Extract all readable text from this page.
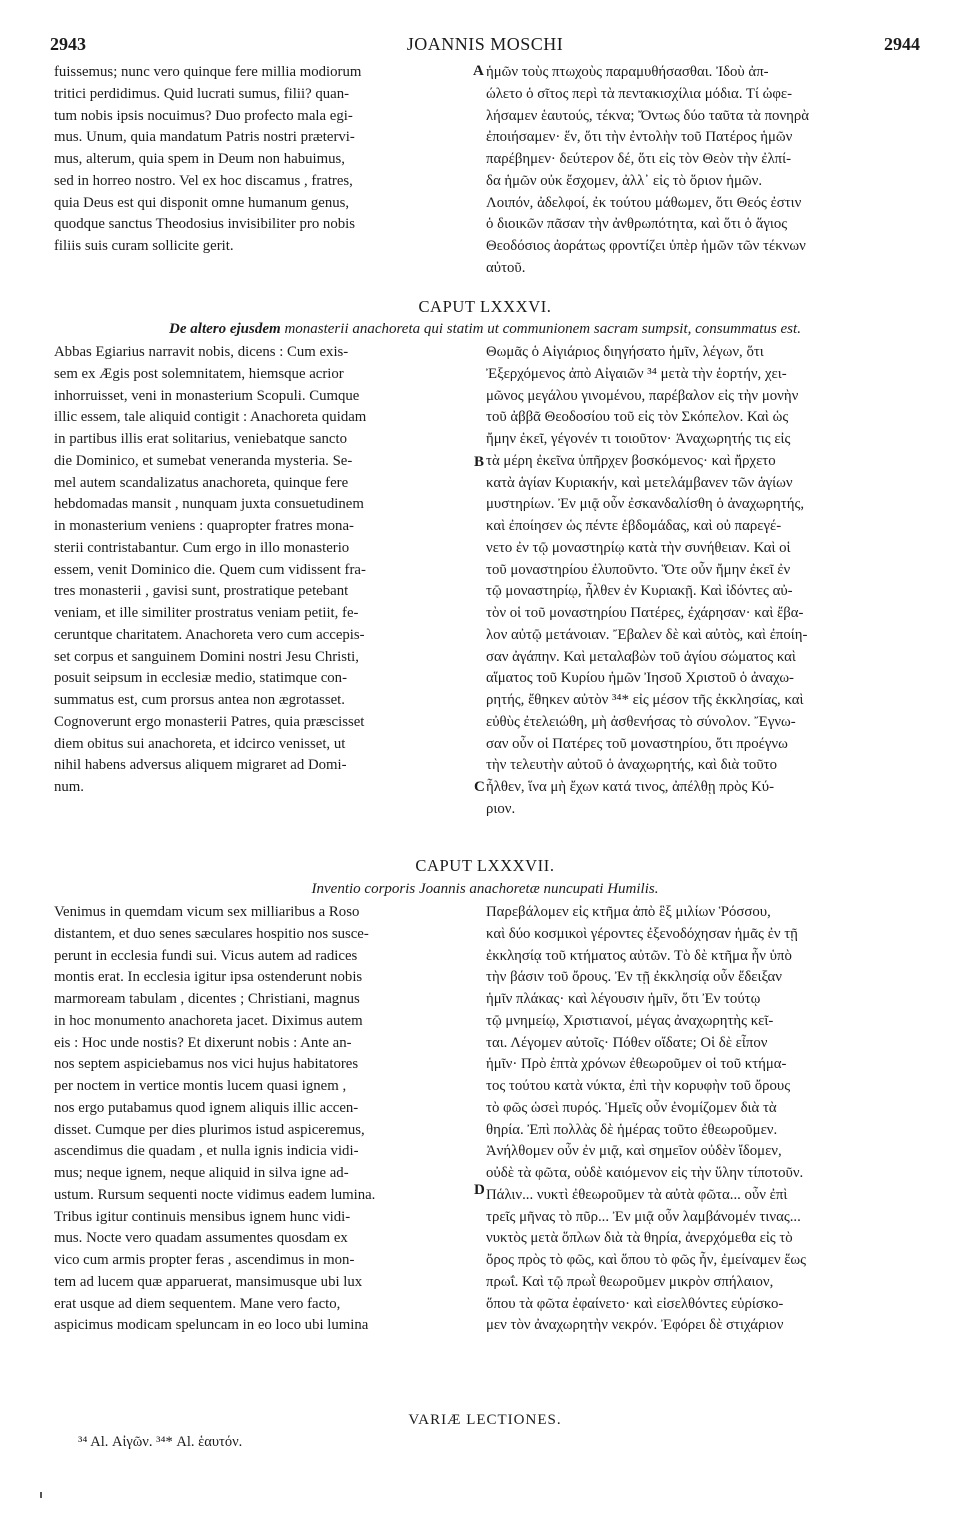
2943	JOANNIS MOSCHI	2944

fuissemus; nunc vero quinque fere millia modiorum

tritici perdidimus. Quid lucrati sumus, filii? quan-

tum nobis ipsis nocuimus? Duo profecto mala egi-

mus. Unum, quia mandatum Patris nostri prætervi-

mus, alterum, quia spem in Deum non habuimus,

sed in horreo nostro. Vel ex hoc discamus , fratres,

quia Deus est qui disponit omne humanum genus,

quodque sanctus Theodosius invisibiliter pro nobis

filiis suis curam sollicite gerit.

ἡμῶν τοὺς πτωχοὺς παραμυθήσασθαι. Ἰδοὺ ἀπ-

ώλετο ὁ σῖτος περὶ τὰ πεντακισχίλια μόδια. Τί ὠφε-

λήσαμεν ἑαυτούς, τέκνα; Ὄντως δύο ταῦτα τὰ πονηρὰ

ἐποιήσαμεν· ἕν, ὅτι τὴν ἐντολὴν τοῦ Πατέρος ἡμῶν

παρέβημεν· δεύτερον δέ, ὅτι εἰς τὸν Θεὸν τὴν ἐλπί-

δα ἡμῶν οὐκ ἔσχομεν, ἀλλ᾽ εἰς τὸ ὅριον ἡμῶν.

Λοιπόν, ἀδελφοί, ἐκ τούτου μάθωμεν, ὅτι Θεός ἐστιν

ὁ διοικῶν πᾶσαν τὴν ἀνθρωπότητα, καὶ ὅτι ὁ ἅγιος

Θεοδόσιος ἀοράτως φροντίζει ὑπὲρ ἡμῶν τῶν τέκνων

αὐτοῦ.

A
CAPUT LXXXVI.
De altero ejusdem monasterii anachoreta qui statim ut communionem sacram sumpsit, consummatus est.

Abbas Egiarius narravit nobis, dicens : Cum exis-

sem ex Ægis post solemnitatem, hiemsque acrior

inhorruisset, veni in monasterium Scopuli. Cumque

illic essem, tale aliquid contigit : Anachoreta quidam

in partibus illis erat solitarius, veniebatque sancto

die Dominico, et sumebat veneranda mysteria. Se-

mel autem scandalizatus anachoreta, quinque fere

hebdomadas mansit , nunquam juxta consuetudinem

in monasterium veniens : quapropter fratres mona-

sterii contristabantur. Cum ergo in illo monasterio

essem, venit Dominico die. Quem cum vidissent fra-

tres monasterii , gavisi sunt, prostratique petebant

veniam, et ille similiter prostratus veniam petiit, fe-

ceruntque charitatem. Anachoreta vero cum accepis-

set corpus et sanguinem Domini nostri Jesu Christi,

posuit seipsum in ecclesiæ medio, statimque con-

summatus est, cum prorsus antea non ægrotasset.

Cognoverunt ergo monasterii Patres, quia præscisset

diem obitus sui anachoreta, et idcirco venisset, ut

nihil habens adversus aliquem migraret ad Domi-

num.

Θωμᾶς ὁ Αἰγιάριος διηγήσατο ἡμῖν, λέγων, ὅτι

Ἐξερχόμενος ἀπὸ Αἰγαιῶν ³⁴ μετὰ τὴν ἑορτήν, χει-

μῶνος μεγάλου γινομένου, παρέβαλον εἰς τὴν μονὴν

τοῦ ἀββᾶ Θεοδοσίου τοῦ εἰς τὸν Σκόπελον. Καὶ ὡς

ἤμην ἐκεῖ, γέγονέν τι τοιοῦτον· Ἀναχωρητής τις εἰς

τὰ μέρη ἐκεῖνα ὑπῆρχεν βοσκόμενος· καὶ ἤρχετο

κατὰ ἁγίαν Κυριακήν, καὶ μετελάμβανεν τῶν ἁγίων

μυστηρίων. Ἐν μιᾷ οὖν ἐσκανδαλίσθη ὁ ἀναχωρητής,

καὶ ἐποίησεν ὡς πέντε ἑβδομάδας, καὶ οὐ παρεγέ-

νετο ἐν τῷ μοναστηρίῳ κατὰ τὴν συνήθειαν. Καὶ οἱ

τοῦ μοναστηρίου ἐλυποῦντο. Ὅτε οὖν ἤμην ἐκεῖ ἐν

τῷ μοναστηρίῳ, ἦλθεν ἐν Κυριακῇ. Καὶ ἰδόντες αὐ-

τὸν οἱ τοῦ μοναστηρίου Πατέρες, ἐχάρησαν· καὶ ἔβα-

λον αὐτῷ μετάνοιαν. Ἔβαλεν δὲ καὶ αὐτὸς, καὶ ἐποίη-

σαν ἀγάπην. Καὶ μεταλαβὼν τοῦ ἁγίου σώματος καὶ

αἵματος τοῦ Κυρίου ἡμῶν Ἰησοῦ Χριστοῦ ὁ ἀναχω-

ρητής, ἔθηκεν αὐτὸν ³⁴* εἰς μέσον τῆς ἐκκλησίας, καὶ

εὐθὺς ἐτελειώθη, μὴ ἀσθενήσας τὸ σύνολον. Ἔγνω-

σαν οὖν οἱ Πατέρες τοῦ μοναστηρίου, ὅτι προέγνω

τὴν τελευτὴν αὐτοῦ ὁ ἀναχωρητής, καὶ διὰ τοῦτο

ἦλθεν, ἵνα μὴ ἔχων κατά τινος, ἀπέλθῃ πρὸς Κύ-

ριον.

B
C
CAPUT LXXXVII.
Inventio corporis Joannis anachoretæ nuncupati Humilis.

Venimus in quemdam vicum sex milliaribus a Roso

distantem, et duo senes sæculares hospitio nos susce-

perunt in ecclesia fundi sui. Vicus autem ad radices

montis erat. In ecclesia igitur ipsa ostenderunt nobis

marmoream tabulam , dicentes ; Christiani, magnus

in hoc monumento anachoreta jacet. Diximus autem

eis : Hoc unde nostis? Et dixerunt nobis : Ante an-

nos septem aspiciebamus nos vici hujus habitatores

per noctem in vertice montis lucem quasi ignem ,

nos ergo putabamus quod ignem aliquis illic accen-

disset. Cumque per dies plurimos istud aspiceremus,

ascendimus die quadam , et nulla ignis indicia vidi-

mus; neque ignem, neque aliquid in silva igne ad-

ustum. Rursum sequenti nocte vidimus eadem lumina.

Tribus igitur continuis mensibus ignem hunc vidi-

mus. Nocte vero quadam assumentes quosdam ex

vico cum armis propter feras , ascendimus in mon-

tem ad lucem quæ apparuerat, mansimusque ubi lux

erat usque ad diem sequentem. Mane vero facto,

aspicimus modicam speluncam in eo loco ubi lumina

Παρεβάλομεν εἰς κτῆμα ἀπὸ ἓξ μιλίων Ῥόσσου,

καὶ δύο κοσμικοὶ γέροντες ἐξενοδόχησαν ἡμᾶς ἐν τῇ

ἐκκλησίᾳ τοῦ κτήματος αὐτῶν. Τὸ δὲ κτῆμα ἦν ὑπὸ

τὴν βάσιν τοῦ ὄρους. Ἐν τῇ ἐκκλησίᾳ οὖν ἔδειξαν

ἡμῖν πλάκας· καὶ λέγουσιν ἡμῖν, ὅτι Ἐν τούτῳ

τῷ μνημείῳ, Χριστιανοί, μέγας ἀναχωρητὴς κεῖ-

ται. Λέγομεν αὐτοῖς· Πόθεν οἴδατε; Οἱ δὲ εἶπον

ἡμῖν· Πρὸ ἑπτὰ χρόνων ἐθεωροῦμεν οἱ τοῦ κτήμα-

τος τούτου κατὰ νύκτα, ἐπὶ τὴν κορυφὴν τοῦ ὄρους

τὸ φῶς ὡσεὶ πυρός. Ἡμεῖς οὖν ἐνομίζομεν διὰ τὰ

θηρία. Ἐπὶ πολλὰς δὲ ἡμέρας τοῦτο ἐθεωροῦμεν.

Ἀνήλθομεν οὖν ἐν μιᾷ, καὶ σημεῖον οὐδὲν ἴδομεν,

οὐδὲ τὰ φῶτα, οὐδὲ καιόμενον εἰς τὴν ὕλην τίποτοῦν.

Πάλιν... νυκτὶ ἐθεωροῦμεν τὰ αὐτὰ φῶτα... οὖν ἐπὶ

τρεῖς μῆνας τὸ πῦρ... Ἐν μιᾷ οὖν λαμβάνομέν τινας...

νυκτὸς μετὰ ὅπλων διὰ τὰ θηρία, ἀνερχόμεθα εἰς τὸ

ὄρος πρὸς τὸ φῶς, καὶ ὅπου τὸ φῶς ἦν, ἐμείναμεν ἕως

πρωΐ. Καὶ τῷ πρωῒ θεωροῦμεν μικρὸν σπήλαιον,

ὅπου τὰ φῶτα ἐφαίνετο· καὶ εἰσελθόντες εὑρίσκο-

μεν τὸν ἀναχωρητὴν νεκρόν. Ἐφόρει δὲ στιχάριον

D
VARIÆ LECTIONES.
³⁴ Al. Αἰγῶν. ³⁴* Al. ἑαυτόν.
